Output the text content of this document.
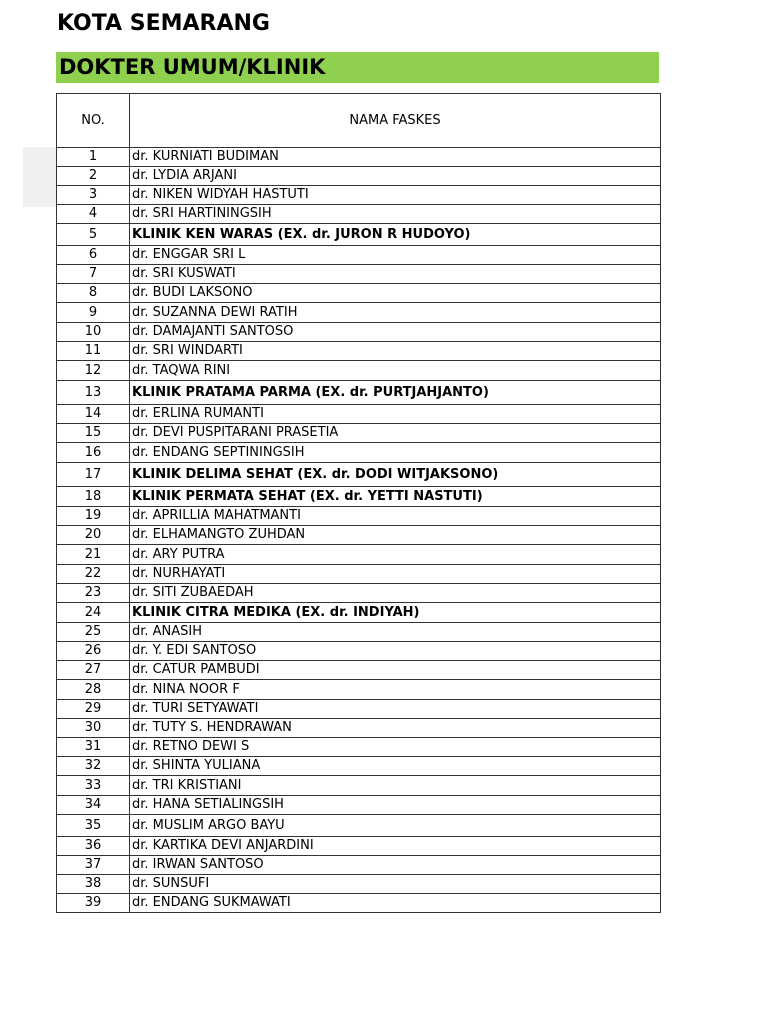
KOTA SEMARANG
DOKTER UMUM/KLINIK
NO.	NAMA FASKES
1	dr. KURNIATI BUDIMAN
2	dr. LYDIA ARJANI
3	dr. NIKEN WIDYAH HASTUTI
4	dr. SRI HARTININGSIH
5	KLINIK KEN WARAS (EX. dr. JURON R HUDOYO)
6	dr. ENGGAR SRI L
7	dr. SRI KUSWATI
8	dr. BUDI LAKSONO
9	dr. SUZANNA DEWI RATIH
10	dr. DAMAJANTI SANTOSO
11	dr. SRI WINDARTI
12	dr. TAQWA RINI
13	KLINIK PRATAMA PARMA (EX. dr. PURTJAHJANTO)
14	dr. ERLINA RUMANTI
15	dr. DEVI PUSPITARANI PRASETIA
16	dr. ENDANG SEPTININGSIH
17	KLINIK DELIMA SEHAT (EX. dr. DODI WITJAKSONO)
18	KLINIK PERMATA SEHAT (EX. dr. YETTI NASTUTI)
19	dr. APRILLIA MAHATMANTI
20	dr. ELHAMANGTO ZUHDAN
21	dr. ARY PUTRA
22	dr. NURHAYATI
23	dr. SITI ZUBAEDAH
24	KLINIK CITRA MEDIKA (EX. dr. INDIYAH)
25	dr. ANASIH
26	dr. Y. EDI SANTOSO
27	dr. CATUR PAMBUDI
28	dr. NINA NOOR F
29	dr. TURI SETYAWATI
30	dr. TUTY S. HENDRAWAN
31	dr. RETNO DEWI S
32	dr. SHINTA YULIANA
33	dr. TRI KRISTIANI
34	dr. HANA SETIALINGSIH
35	dr. MUSLIM ARGO BAYU
36	dr. KARTIKA DEVI ANJARDINI
37	dr. IRWAN SANTOSO
38	dr. SUNSUFI
39	dr. ENDANG SUKMAWATI
